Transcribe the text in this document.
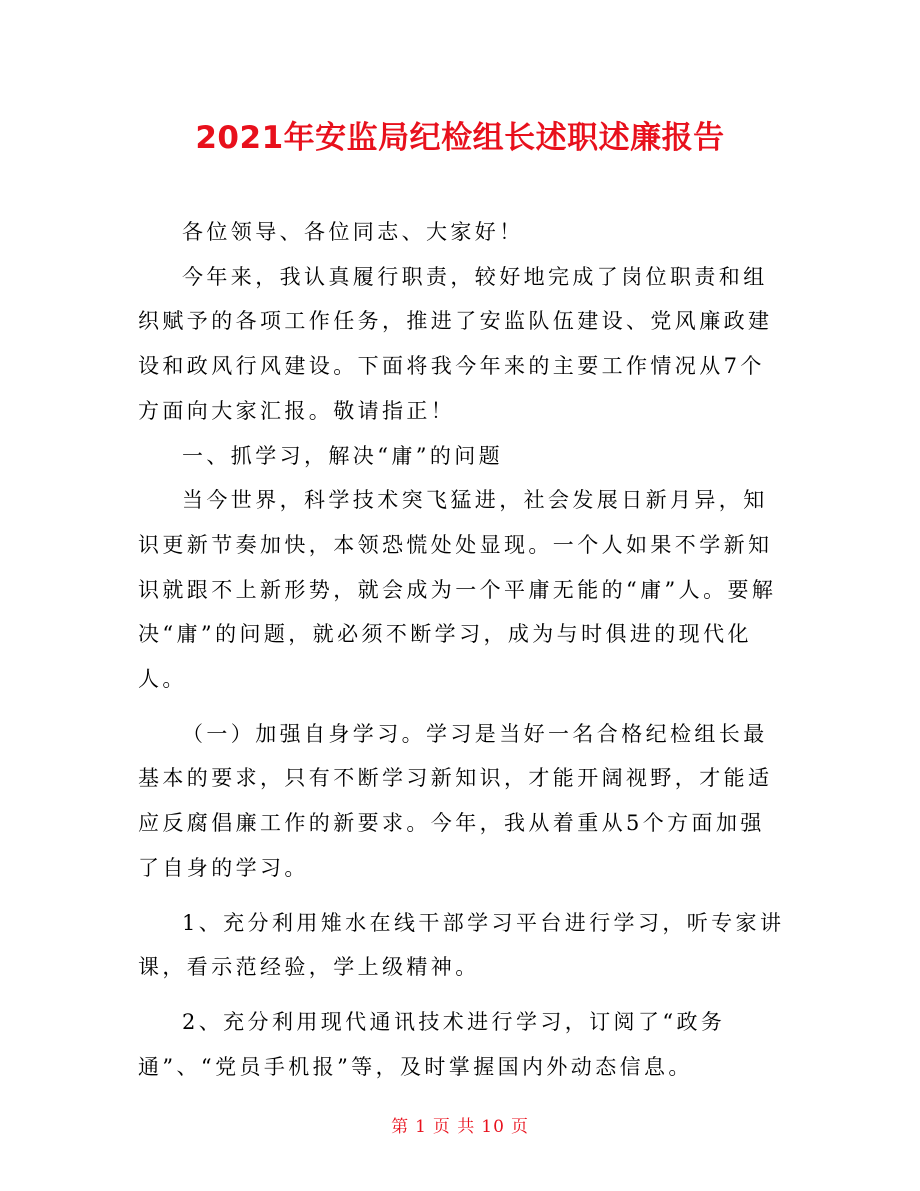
2021年安监局纪检组长述职述廉报告

各位领导、各位同志、大家好！

今年来，我认真履行职责，较好地完成了岗位职责和组织赋予的各项工作任务，推进了安监队伍建设、党风廉政建设和政风行风建设。下面将我今年来的主要工作情况从7个方面向大家汇报。敬请指正！

一、抓学习，解决“庸”的问题

当今世界，科学技术突飞猛进，社会发展日新月异，知识更新节奏加快，本领恐慌处处显现。一个人如果不学新知识就跟不上新形势，就会成为一个平庸无能的“庸”人。要解决“庸”的问题，就必须不断学习，成为与时俱进的现代化人。

（一）加强自身学习。学习是当好一名合格纪检组长最基本的要求，只有不断学习新知识，才能开阔视野，才能适应反腐倡廉工作的新要求。今年，我从着重从5个方面加强了自身的学习。

1、充分利用雉水在线干部学习平台进行学习，听专家讲课，看示范经验，学上级精神。

2、充分利用现代通讯技术进行学习，订阅了“政务通”、“党员手机报”等，及时掌握国内外动态信息。

第 1 页 共 10 页
